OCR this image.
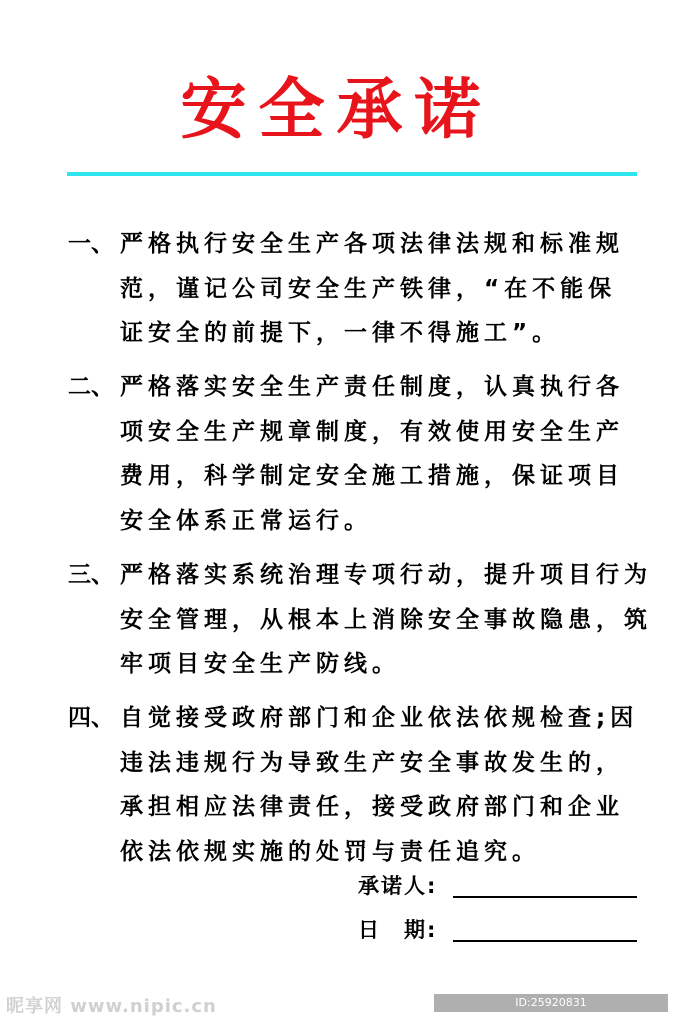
安全承诺
一、 严格执行安全生产各项法律法规和标准规
范，谨记公司安全生产铁律，“在不能保
证安全的前提下，一律不得施工”。
二、 严格落实安全生产责任制度，认真执行各
项安全生产规章制度，有效使用安全生产
费用，科学制定安全施工措施，保证项目
安全体系正常运行。
三、 严格落实系统治理专项行动，提升项目行为
安全管理，从根本上消除安全事故隐患，筑
牢项目安全生产防线。
四、 自觉接受政府部门和企业依法依规检查;因
违法违规行为导致生产安全事故发生的，
承担相应法律责任，接受政府部门和企业
依法依规实施的处罚与责任追究。
承诺人:
日　期:
昵享网 www.nipic.cn	ID:25920831 NO:20200701093451790594
